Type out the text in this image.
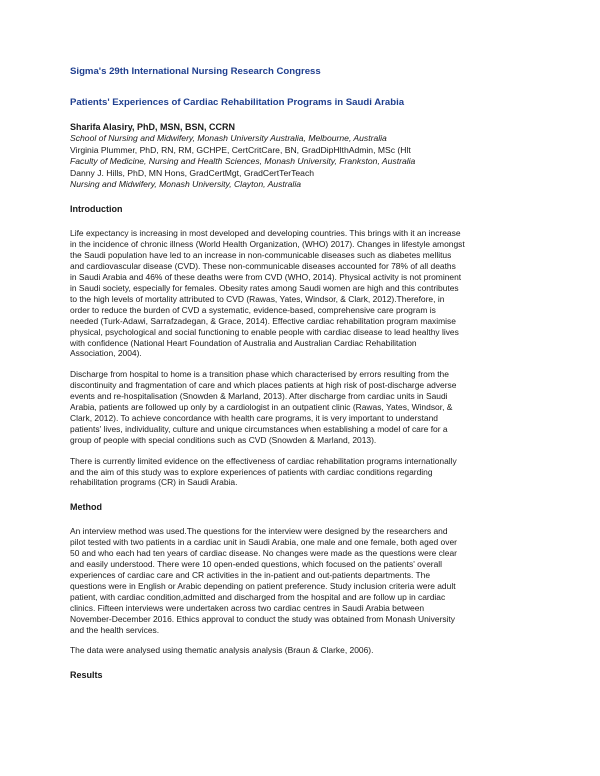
Sigma's 29th International Nursing Research Congress
Patients' Experiences of Cardiac Rehabilitation Programs in Saudi Arabia
Sharifa Alasiry, PhD, MSN, BSN, CCRN
School of Nursing and Midwifery, Monash University Australia, Melbourne, Australia
Virginia Plummer, PhD, RN, RM, GCHPE, CertCritCare, BN, GradDipHlthAdmin, MSc (Hlt
Faculty of Medicine, Nursing and Health Sciences, Monash University, Frankston, Australia
Danny J. Hills, PhD, MN Hons, GradCertMgt, GradCertTerTeach
Nursing and Midwifery, Monash University, Clayton, Australia
Introduction
Life expectancy is increasing in most developed and developing countries. This brings with it an increase
in the incidence of chronic illness (World Health Organization, (WHO) 2017). Changes in lifestyle amongst
the Saudi population have led to an increase in non-communicable diseases such as diabetes mellitus
and cardiovascular disease (CVD). These non-communicable diseases accounted for 78% of all deaths
in Saudi Arabia and 46% of these deaths were from CVD (WHO, 2014). Physical activity is not prominent
in Saudi society, especially for females. Obesity rates among Saudi women are high and this contributes
to the high levels of mortality attributed to CVD (Rawas, Yates, Windsor, & Clark, 2012).Therefore, in
order to reduce the burden of CVD a systematic, evidence-based, comprehensive care program is
needed (Turk-Adawi, Sarrafzadegan, & Grace, 2014). Effective cardiac rehabilitation program maximise
physical, psychological and social functioning to enable people with cardiac disease to lead healthy lives
with confidence (National Heart Foundation of Australia and Australian Cardiac Rehabilitation
Association, 2004).
Discharge from hospital to home is a transition phase which characterised by errors resulting from the
discontinuity and fragmentation of care and which places patients at high risk of post-discharge adverse
events and re-hospitalisation (Snowden & Marland, 2013). After discharge from cardiac units in Saudi
Arabia, patients are followed up only by a cardiologist in an outpatient clinic (Rawas, Yates, Windsor, &
Clark, 2012). To achieve concordance with health care programs, it is very important to understand
patients' lives, individuality, culture and unique circumstances when establishing a model of care for a
group of people with special conditions such as CVD (Snowden & Marland, 2013).
There is currently limited evidence on the effectiveness of cardiac rehabilitation programs internationally
and the aim of this study was to explore experiences of patients with cardiac conditions regarding
rehabilitation programs (CR) in Saudi Arabia.
Method
An interview method was used.The questions for the interview were designed by the researchers and
pilot tested with two patients in a cardiac unit in Saudi Arabia, one male and one female, both aged over
50 and who each had ten years of cardiac disease. No changes were made as the questions were clear
and easily understood. There were 10 open-ended questions, which focused on the patients' overall
experiences of cardiac care and CR activities in the in-patient and out-patients departments. The
questions were in English or Arabic depending on patient preference. Study inclusion criteria were adult
patient, with cardiac condition,admitted and discharged from the hospital and are follow up in cardiac
clinics. Fifteen interviews were undertaken across two cardiac centres in Saudi Arabia between
November-December 2016. Ethics approval to conduct the study was obtained from Monash University
and the health services.
The data were analysed using thematic analysis analysis (Braun & Clarke, 2006).
Results
